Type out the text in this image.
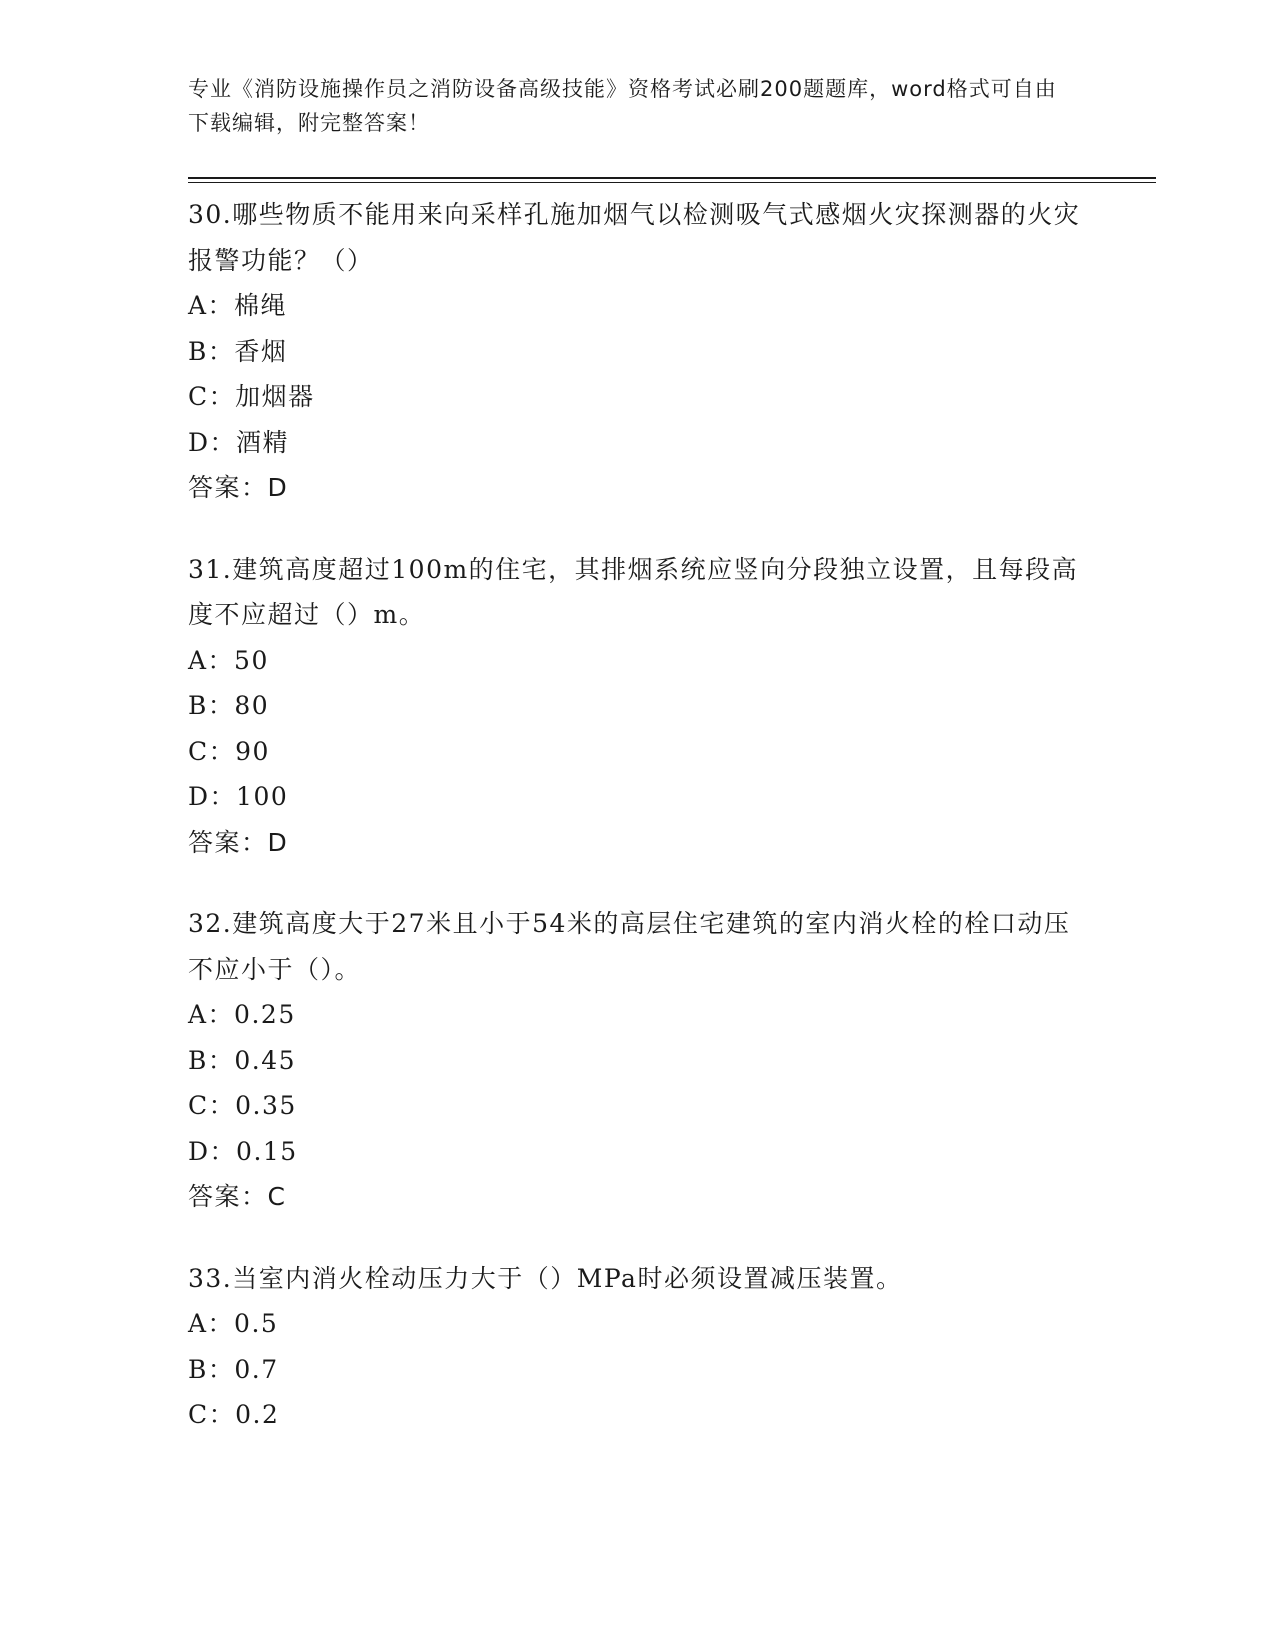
专业《消防设施操作员之消防设备高级技能》资格考试必刷200题题库，word格式可自由下载编辑，附完整答案！

30.哪些物质不能用来向采样孔施加烟气以检测吸气式感烟火灾探测器的火灾报警功能？（）

A：棉绳
B：香烟
C：加烟器
D：酒精
答案：D

31.建筑高度超过100m的住宅，其排烟系统应竖向分段独立设置，且每段高度不应超过（）m。

A：50
B：80
C：90
D：100
答案：D

32.建筑高度大于27米且小于54米的高层住宅建筑的室内消火栓的栓口动压不应小于（）。

A：0.25
B：0.45
C：0.35
D：0.15
答案：C

33.当室内消火栓动压力大于（）MPa时必须设置减压装置。

A：0.5
B：0.7
C：0.2
